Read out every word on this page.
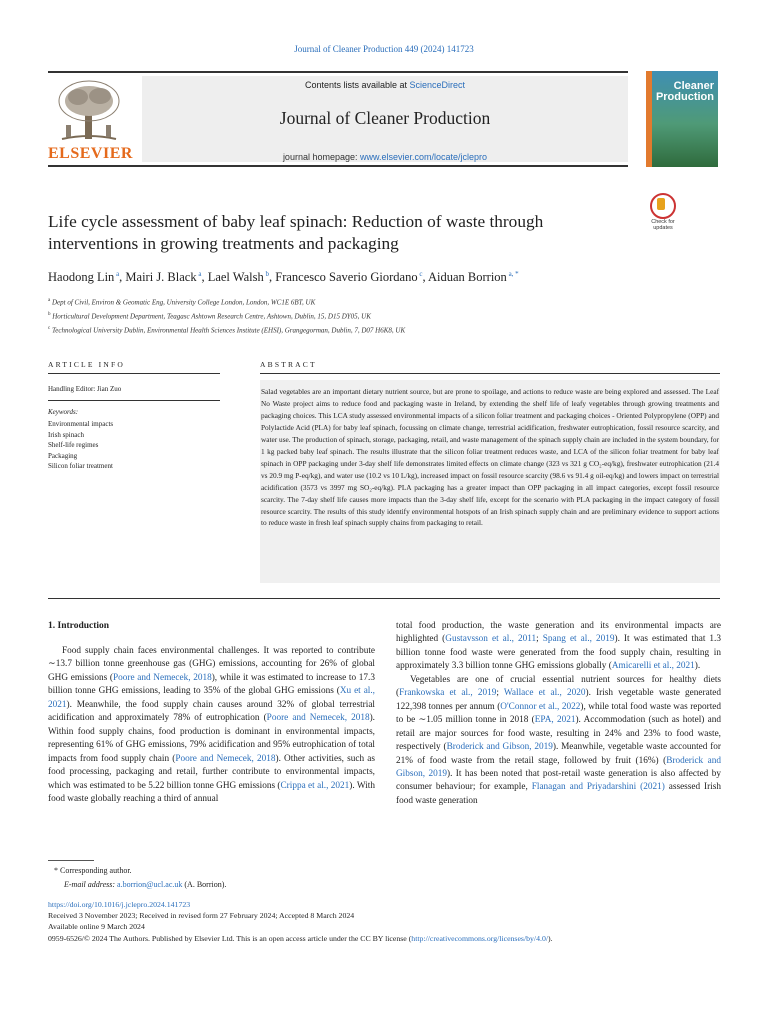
Journal of Cleaner Production 449 (2024) 141723
ELSEVIER
Contents lists available at ScienceDirect
Journal of Cleaner Production
journal homepage: www.elsevier.com/locate/jclepro
Cleaner
Production
Life cycle assessment of baby leaf spinach: Reduction of waste through
interventions in growing treatments and packaging
Check for
updates
Haodong Lin $^a$, Mairi J. Black $^a$, Lael Walsh $^b$, Francesco Saverio Giordano $^c$, Aiduan Borrion $^{a, *}$
$^a$ Dept of Civil, Environ & Geomatic Eng, University College London, London, WC1E 6BT, UK
$^b$ Horticultural Development Department, Teagasc Ashtown Research Centre, Ashtown, Dublin, 15, D15 DY05, UK
$^c$ Technological University Dublin, Environmental Health Sciences Institute (EHSI), Grangegorman, Dublin, 7, D07 H6K8, UK
ARTICLE INFO
Handling Editor: Jian Zuo
Keywords:
Environmental impacts
Irish spinach
Shelf-life regimes
Packaging
Silicon foliar treatment
ABSTRACT
Salad vegetables are an important dietary nutrient source, but are prone to spoilage, and actions to reduce waste are being explored and assessed. The Leaf No Waste project aims to reduce food and packaging waste in Ireland, by extending the shelf life of leafy vegetables through growing treatments and packaging choices. This LCA study assessed environmental impacts of a silicon foliar treatment and packaging choices - Oriented Polypropylene (OPP) and Polylactide Acid (PLA) for baby leaf spinach, focussing on climate change, terrestrial acidification, freshwater eutrophication, fossil resource scarcity, and water use. The production of spinach, storage, packaging, retail, and waste management of the spinach supply chain are included in the system boundary, for 1 kg packed baby leaf spinach. The results illustrate that the silicon foliar treatment reduces waste, and LCA of the silicon foliar treatment for baby leaf spinach in OPP packaging under 3-day shelf life demonstrates limited effects on climate change (323 vs 321 g CO₂-eq/kg), freshwater eutrophication (21.4 vs 20.9 mg P-eq/kg), and water use (10.2 vs 10 L/kg), increased impact on fossil resource scarcity (98.6 vs 91.4 g oil-eq/kg) and lowers impact on terrestrial acidification (3573 vs 3997 mg SO₂-eq/kg). PLA packaging has a greater impact than OPP packaging in all impact categories, except fossil resource scarcity. The 7-day shelf life causes more impacts than the 3-day shelf life, except for the scenario with PLA packaging in the impact category of fossil resource scarcity. The results of this study identify environmental hotspots of an Irish spinach supply chain and are preliminary evidence to support actions to reduce waste in fresh leaf spinach supply chains from packaging to retail.
1. Introduction

Food supply chain faces environmental challenges. It was reported to contribute ∼13.7 billion tonne greenhouse gas (GHG) emissions, accounting for 26% of global GHG emissions (Poore and Nemecek, 2018), while it was estimated to increase to 17.3 billion tonne GHG emissions, leading to 35% of the global GHG emissions (Xu et al., 2021). Meanwhile, the food supply chain causes around 32% of global terrestrial acidification and approximately 78% of eutrophication (Poore and Nemecek, 2018). Within food supply chains, food production is dominant in environmental impacts, representing 61% of GHG emissions, 79% acidification and 95% eutrophication of total impacts from food supply chain (Poore and Nemecek, 2018). Other activities, such as food processing, packaging and retail, further contribute to environmental impacts, which was estimated to be 5.22 billion tonne GHG emissions (Crippa et al., 2021). With food waste globally reaching a third of annual

total food production, the waste generation and its environmental impacts are highlighted (Gustavsson et al., 2011; Spang et al., 2019). It was estimated that 1.3 billion tonne food waste were generated from the food supply chain, resulting in approximately 3.3 billion tonne GHG emissions globally (Amicarelli et al., 2021).

Vegetables are one of crucial essential nutrient sources for healthy diets (Frankowska et al., 2019; Wallace et al., 2020). Irish vegetable waste generated 122,398 tonnes per annum (O'Connor et al., 2022), while total food waste was reported to be ∼1.05 million tonne in 2018 (EPA, 2021). Accommodation (such as hotel) and retail are major sources for food waste, resulting in 24% and 23% to food waste, respectively (Broderick and Gibson, 2019). Meanwhile, vegetable waste accounted for 21% of food waste from the retail stage, followed by fruit (16%) (Broderick and Gibson, 2019). It has been noted that post-retail waste generation is also affected by consumer behaviour; for example, Flanagan and Priyadarshini (2021) assessed Irish food waste generation

* Corresponding author.
E-mail address: a.borrion@ucl.ac.uk (A. Borrion).
https://doi.org/10.1016/j.jclepro.2024.141723
Received 3 November 2023; Received in revised form 27 February 2024; Accepted 8 March 2024
Available online 9 March 2024
0959-6526/© 2024 The Authors. Published by Elsevier Ltd. This is an open access article under the CC BY license (http://creativecommons.org/licenses/by/4.0/).
